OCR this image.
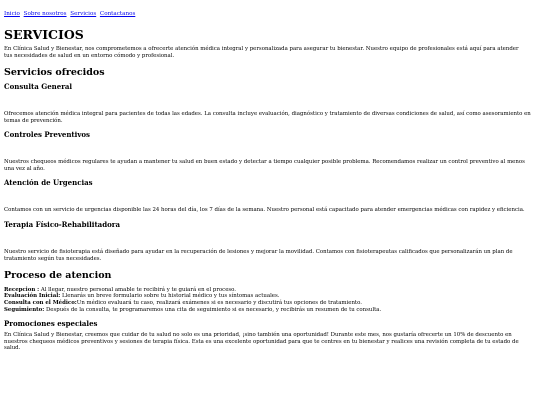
Inicio Sobre nosotros Servicios Contactanos
SERVICIOS

En Clínica Salud y Bienestar, nos comprometemos a ofrecerte atención médica integral y personalizada para asegurar tu bienestar. Nuestro equipo de profesionales está aquí para atender tus necesidades de salud en un entorno cómodo y profesional.

Servicios ofrecidos
Consulta General

Ofrecemos atención médica integral para pacientes de todas las edades. La consulta incluye evaluación, diagnóstico y tratamiento de diversas condiciones de salud, así como asesoramiento en temas de prevención.

Controles Preventivos

Nuestros chequeos médicos regulares te ayudan a mantener tu salud en buen estado y detectar a tiempo cualquier posible problema. Recomendamos realizar un control preventivo al menos una vez al año.

Atención de Urgencias

Contamos con un servicio de urgencias disponible las 24 horas del día, los 7 días de la semana. Nuestro personal está capacitado para atender emergencias médicas con rapidez y eficiencia.

Terapia Físico-Rehabilitadora

Nuestro servicio de fisioterapia está diseñado para ayudar en la recuperación de lesiones y mejorar la movilidad. Contamos con fisioterapeutas calificados que personalizarán un plan de tratamiento según tus necesidades.

Proceso de atencion
Recepcion : Al llegar, nuestro personal amable te recibirá y te guiará en el proceso.
Evaluación Inicial: Llenarás un breve formulario sobre tu historial médico y tus síntomas actuales.
Consulta con el Médico:Un médico evaluará tu caso, realizará exámenes si es necesario y discutirá tus opciones de tratamiento.
Seguimiento: Después de la consulta, te programaremos una cita de seguimiento si es necesario, y recibirás un resumen de tu consulta.
Promociones especiales

En Clínica Salud y Bienestar, creemos que cuidar de tu salud no solo es una prioridad, ¡sino también una oportunidad! Durante este mes, nos gustaría ofrecerte un 10% de descuento en nuestros chequeos médicos preventivos y sesiones de terapia física. Esta es una excelente oportunidad para que te centres en tu bienestar y realices una revisión completa de tu estado de salud.
